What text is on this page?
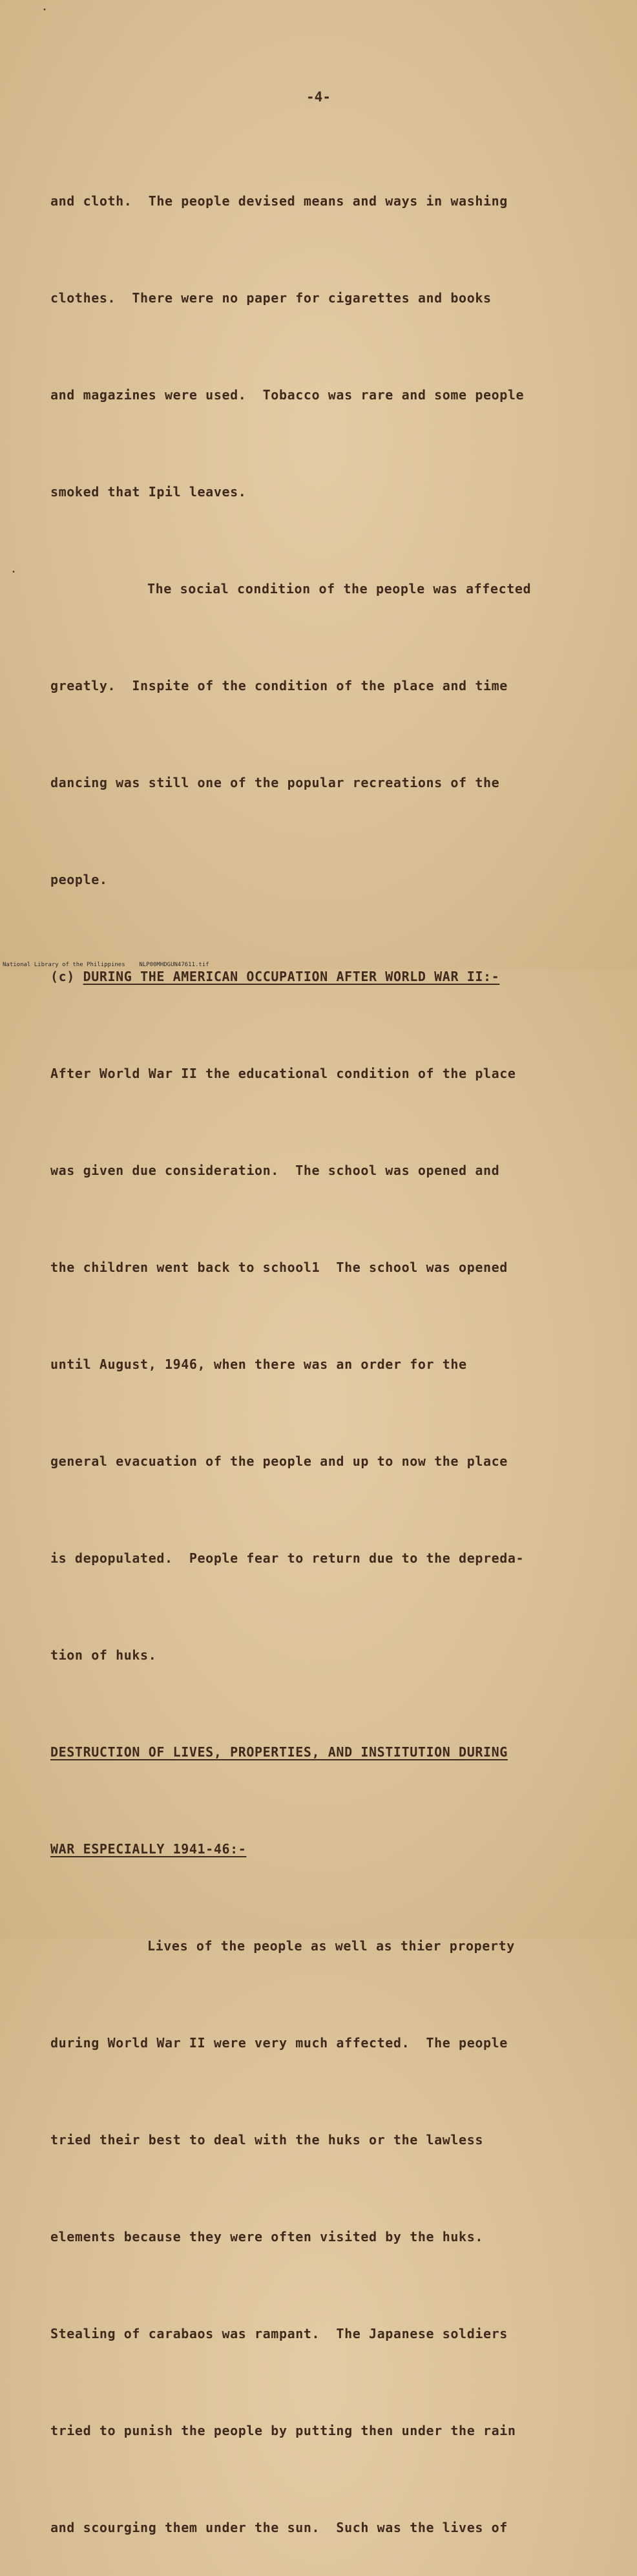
•
•
-4-

and cloth.  The people devised means and ways in washing

clothes.  There were no paper for cigarettes and books

and magazines were used.  Tobacco was rare and some people

smoked that Ipil leaves.

The social condition of the people was affected

greatly.  Inspite of the condition of the place and time

dancing was still one of the popular recreations of the

people.

(c) DURING THE AMERICAN OCCUPATION AFTER WORLD WAR II:-

After World War II the educational condition of the place

was given due consideration.  The school was opened and

the children went back to school1  The school was opened

until August, 1946, when there was an order for the

general evacuation of the people and up to now the place

is depopulated.  People fear to return due to the depreda-

tion of huks.

DESTRUCTION OF LIVES, PROPERTIES, AND INSTITUTION DURING

WAR ESPECIALLY 1941-46:-

Lives of the people as well as thier property

during World War II were very much affected.  The people

tried their best to deal with the huks or the lawless

elements because they were often visited by the huks.

Stealing of carabaos was rampant.  The Japanese soldiers

tried to punish the people by putting then under the rain

and scourging them under the sun.  Such was the lives of

National Library of the Philippines    NLP00MHDGUN47611.tif
